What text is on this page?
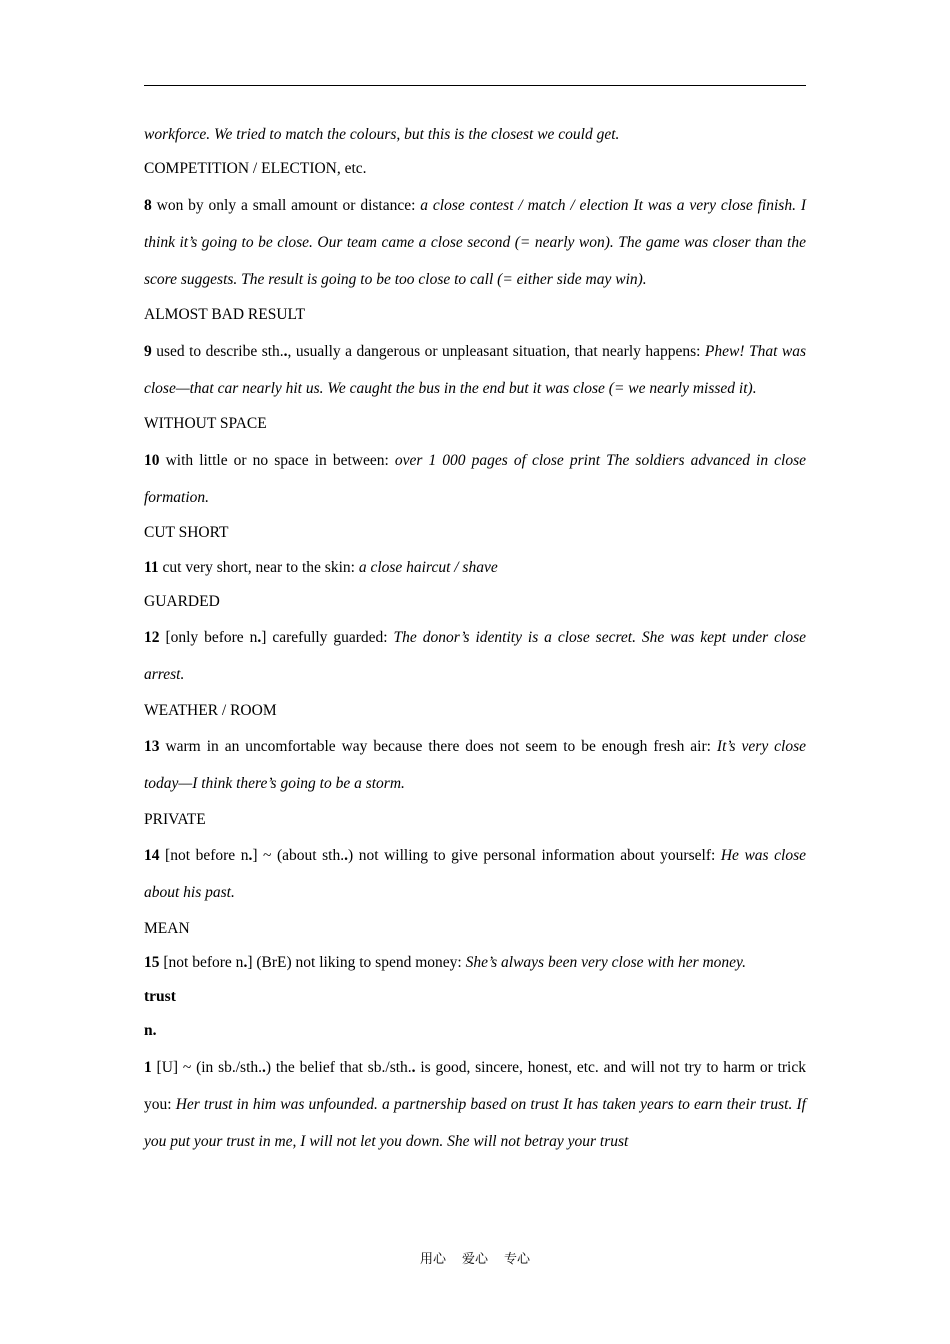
workforce. We tried to match the colours, but this is the closest we could get.

COMPETITION / ELECTION, etc.

8 won by only a small amount or distance: a close contest / match / election It was a very close finish. I think it’s going to be close. Our team came a close second (= nearly won). The game was closer than the score suggests. The result is going to be too close to call (= either side may win).

ALMOST BAD RESULT

9 used to describe sth.., usually a dangerous or unpleasant situation, that nearly happens: Phew! That was close—that car nearly hit us. We caught the bus in the end but it was close (= we nearly missed it).

WITHOUT SPACE

10 with little or no space in between: over 1 000 pages of close print The soldiers advanced in close formation.

CUT SHORT

11 cut very short, near to the skin: a close haircut / shave

GUARDED

12 [only before n.] carefully guarded: The donor’s identity is a close secret. She was kept under close arrest.

WEATHER / ROOM

13 warm in an uncomfortable way because there does not seem to be enough fresh air: It’s very close today—I think there’s going to be a storm.

PRIVATE

14 [not before n.] ~ (about sth..) not willing to give personal information about yourself: He was close about his past.

MEAN

15 [not before n.] (BrE) not liking to spend money: She’s always been very close with her money.

trust

n.

1 [U] ~ (in sb./sth..) the belief that sb./sth.. is good, sincere, honest, etc. and will not try to harm or trick you: Her trust in him was unfounded. a partnership based on trust It has taken years to earn their trust. If you put your trust in me, I will not let you down. She will not betray your trust

用心 爱心 专心
